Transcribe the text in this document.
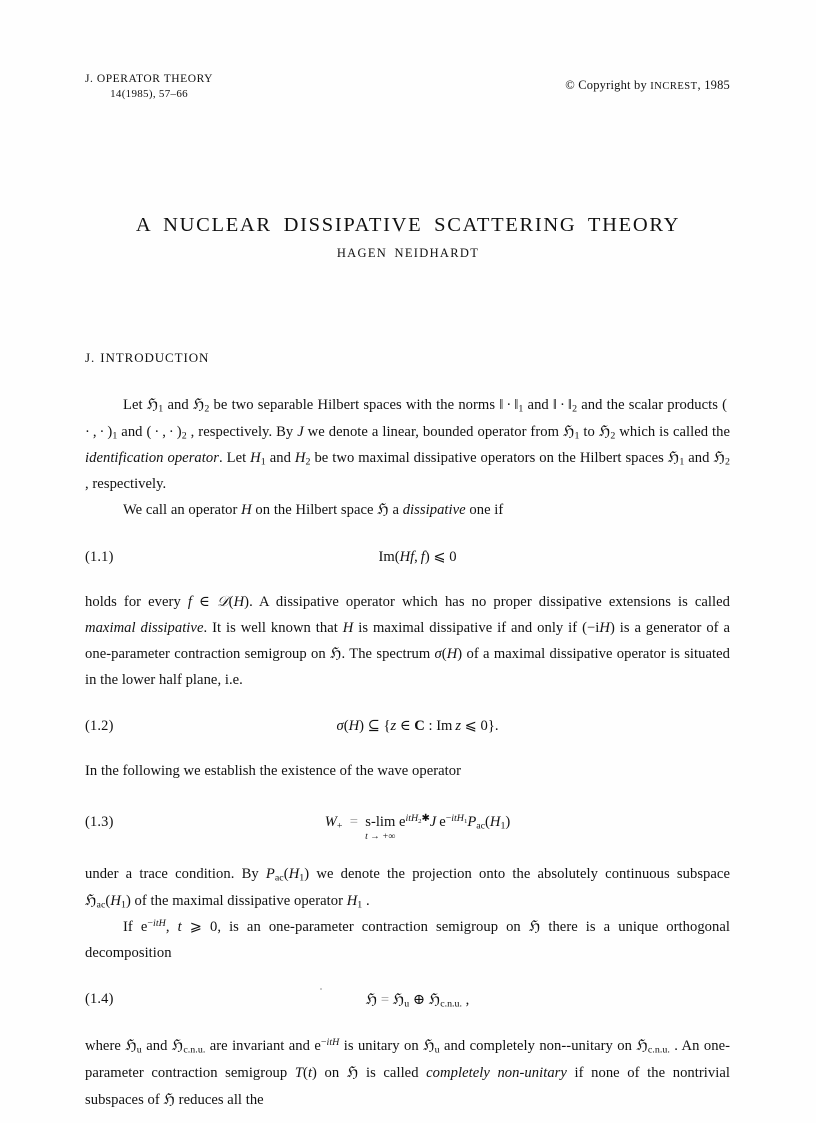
J. OPERATOR THEORY
14(1985), 57–66
© Copyright by INCREST, 1985
A NUCLEAR DISSIPATIVE SCATTERING THEORY
HAGEN NEIDHARDT
J. INTRODUCTION

Let ℌ$_1$ and ℌ$_2$ be two separable Hilbert spaces with the norms ‖ · $‖_1$ and ‖ · $‖_2$ and the scalar products ( · , · )$_1$ and ( · , · )$_2$ , respectively. By J we denote a linear, bounded operator from ℌ$_1$ to ℌ$_2$ which is called the identification operator. Let $H_1$ and $H_2$ be two maximal dissipative operators on the Hilbert spaces ℌ$_1$ and ℌ$_2$ , respectively.

We call an operator H on the Hilbert space ℌ a dissipative one if

(1.1)	Im(Hf, f) ⩽ 0

holds for every f ∈ 𝒟(H). A dissipative operator which has no proper dissipative extensions is called maximal dissipative. It is well known that H is maximal dissipative if and only if (−iH) is a generator of a one-parameter contraction semigroup on ℌ. The spectrum σ(H) of a maximal dissipative operator is situated in the lower half plane, i.e.

(1.2)	σ(H) ⊆ {z ∈ C : Im z ⩽ 0}.

In the following we establish the existence of the wave operator

(1.3)	$W_+ = s-\lim$
t → +∞
$e^{itH_2✱}J$ $e^{-itH_1}P_{ac}(H_1)$

under a trace condition. By $P_{ac}(H_1)$ we denote the projection onto the absolutely continuous subspace $ℌ_{ac}(H_1)$ of the maximal dissipative operator $H_1$ .

If $e^{-itH}$, t ⩾ 0, is an one-parameter contraction semigroup on ℌ there is a unique orthogonal decomposition

(1.4)	ℌ = ℌ$_u$ ⊕ ℌ$_{c.n.u.}$ ,

where ℌ$_u$ and ℌ$_{c.n.u.}$ are invariant and $e^{-itH}$ is unitary on ℌ$_u$ and completely non--unitary on ℌ$_{c.n.u.}$ . An one-parameter contraction semigroup T(t) on ℌ is called completely non-unitary if none of the nontrivial subspaces of ℌ reduces all the
